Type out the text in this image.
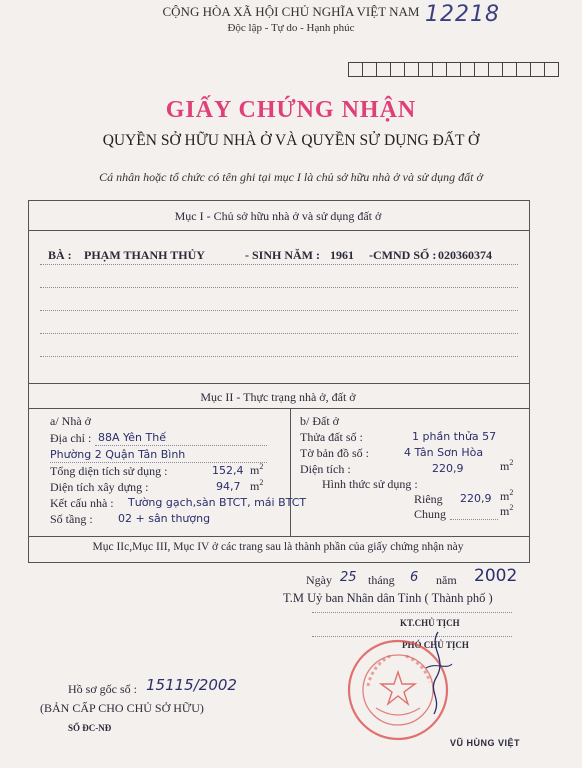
CỘNG HÒA XÃ HỘI CHỦ NGHĨA VIỆT NAM
Độc lập - Tự do - Hạnh phúc
12218
GIẤY CHỨNG NHẬN
QUYỀN SỞ HỮU NHÀ Ở VÀ QUYỀN SỬ DỤNG ĐẤT Ở
Cá nhân hoặc tổ chức có tên ghi tại mục I là chủ sở hữu nhà ở và sử dụng đất ở
Mục I - Chủ sở hữu nhà ở và sử dụng đất ở
BÀ : PHẠM THANH THỦY	- SINH NĂM : 1961 -CMND SỐ : 020360374
Mục II - Thực trạng nhà ở, đất ở
a/ Nhà ở
Địa chỉ : 88A Yên Thế
Phường 2 Quận Tân Bình
Tổng diện tích sử dụng :	152,4 $m^2$
Diện tích xây dựng :	94,7 $m^2$
Kết cấu nhà : Tường gạch,sàn BTCT, mái BTCT
Số tầng : 02 + sân thượng
b/ Đất ở
Thửa đất số :	1 phần thửa 57
Tờ bản đồ số :	4 Tân Sơn Hòa
Diện tích :	220,9	$m^2$
Hình thức sử dụng :
Riêng 220,9 $m^2$
Chung	$m^2$
Mục IIc,Mục III, Mục IV ở các trang sau là thành phần của giấy chứng nhận này
Ngày 25 tháng 6 năm 2002
T.M Uỷ ban Nhân dân Tỉnh ( Thành phố )
KT.CHỦ TỊCH
PHÓ CHỦ TỊCH
VŨ HÙNG VIỆT
Hồ sơ gốc số : 15115/2002
(BẢN CẤP CHO CHỦ SỞ HỮU)
SỐ ĐC-NĐ
